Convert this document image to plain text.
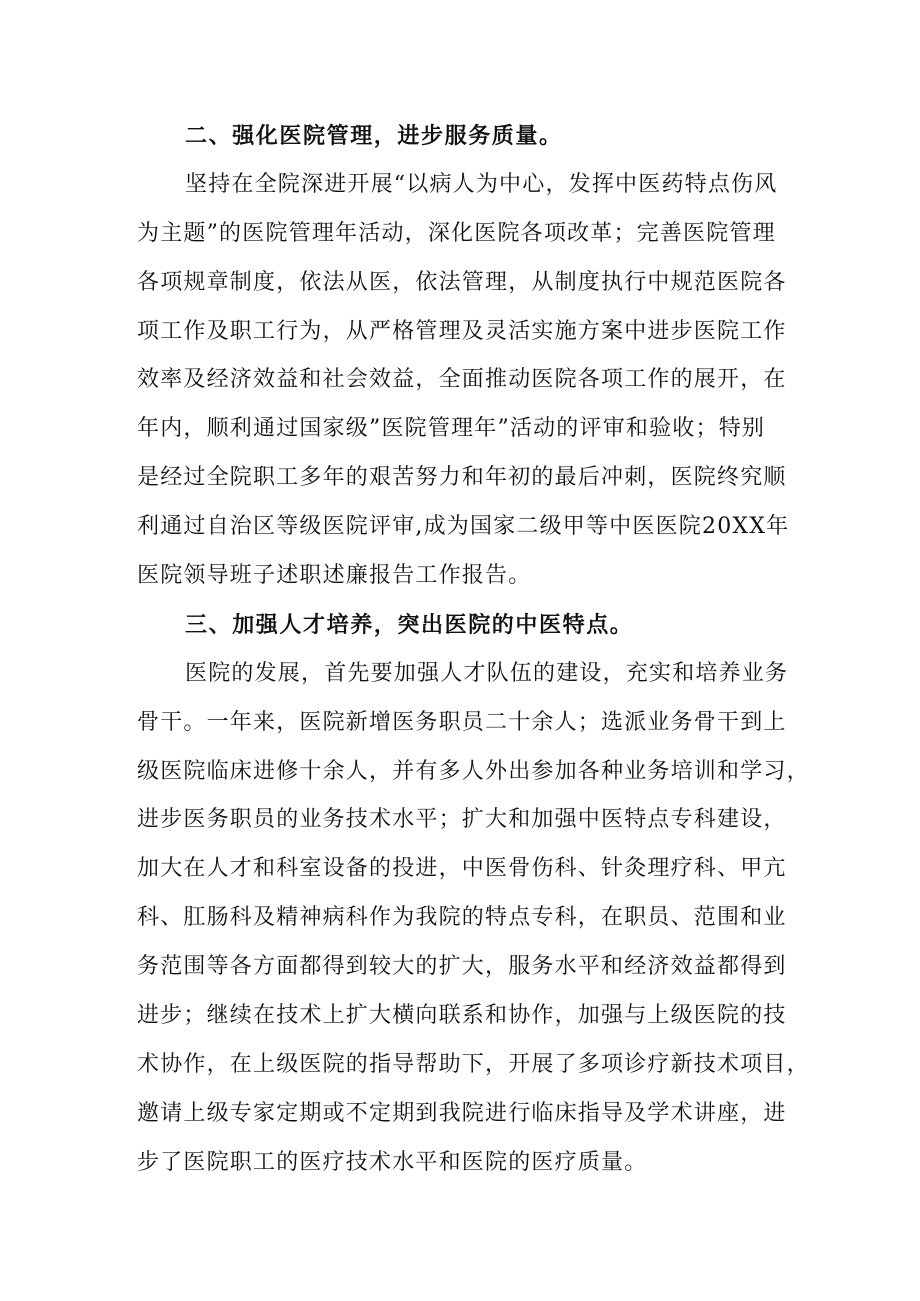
二、强化医院管理，进步服务质量。
坚持在全院深进开展“以病人为中心，发挥中医药特点伤风
为主题”的医院管理年活动，深化医院各项改革；完善医院管理
各项规章制度，依法从医，依法管理，从制度执行中规范医院各
项工作及职工行为，从严格管理及灵活实施方案中进步医院工作
效率及经济效益和社会效益，全面推动医院各项工作的展开，在
年内，顺利通过国家级”医院管理年”活动的评审和验收；特别
是经过全院职工多年的艰苦努力和年初的最后冲刺，医院终究顺
利通过自治区等级医院评审,成为国家二级甲等中医医院20XX年
医院领导班子述职述廉报告工作报告。
三、加强人才培养，突出医院的中医特点。
医院的发展，首先要加强人才队伍的建设，充实和培养业务
骨干。一年来，医院新增医务职员二十余人；选派业务骨干到上
级医院临床进修十余人，并有多人外出参加各种业务培训和学习，
进步医务职员的业务技术水平；扩大和加强中医特点专科建设，
加大在人才和科室设备的投进，中医骨伤科、针灸理疗科、甲亢
科、肛肠科及精神病科作为我院的特点专科，在职员、范围和业
务范围等各方面都得到较大的扩大，服务水平和经济效益都得到
进步；继续在技术上扩大横向联系和协作，加强与上级医院的技
术协作，在上级医院的指导帮助下，开展了多项诊疗新技术项目，
邀请上级专家定期或不定期到我院进行临床指导及学术讲座，进
步了医院职工的医疗技术水平和医院的医疗质量。
